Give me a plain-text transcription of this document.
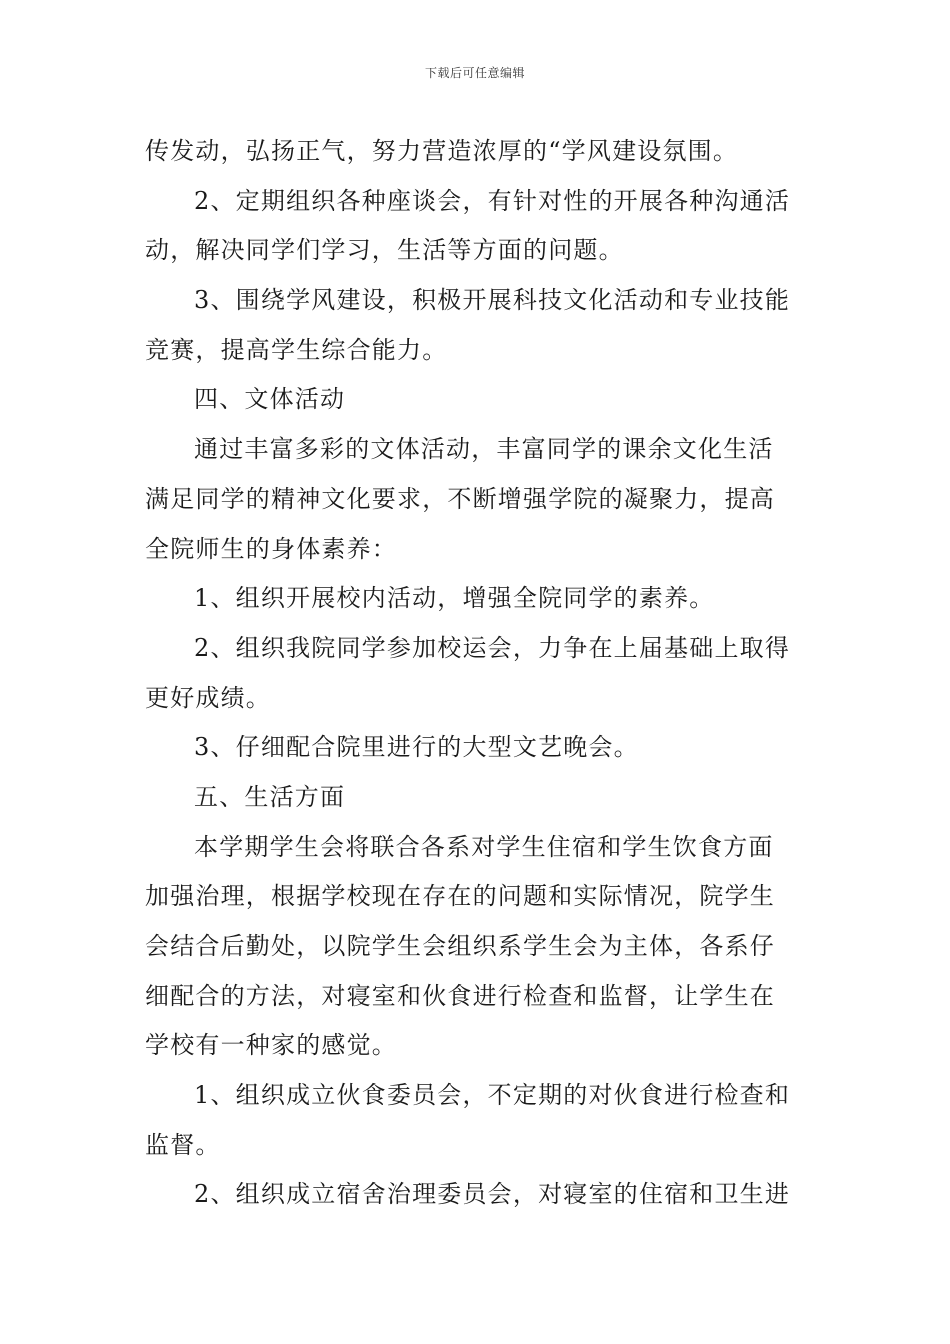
下载后可任意编辑
传发动，弘扬正气，努力营造浓厚的“学风建设氛围。
2、定期组织各种座谈会，有针对性的开展各种沟通活
动，解决同学们学习，生活等方面的问题。
3、围绕学风建设，积极开展科技文化活动和专业技能
竞赛，提高学生综合能力。
四、文体活动
通过丰富多彩的文体活动，丰富同学的课余文化生活
满足同学的精神文化要求，不断增强学院的凝聚力，提高
全院师生的身体素养：
1、组织开展校内活动，增强全院同学的素养。
2、组织我院同学参加校运会，力争在上届基础上取得
更好成绩。
3、仔细配合院里进行的大型文艺晚会。
五、生活方面
本学期学生会将联合各系对学生住宿和学生饮食方面
加强治理，根据学校现在存在的问题和实际情况，院学生
会结合后勤处，以院学生会组织系学生会为主体，各系仔
细配合的方法，对寝室和伙食进行检查和监督，让学生在
学校有一种家的感觉。
1、组织成立伙食委员会，不定期的对伙食进行检查和
监督。
2、组织成立宿舍治理委员会，对寝室的住宿和卫生进
